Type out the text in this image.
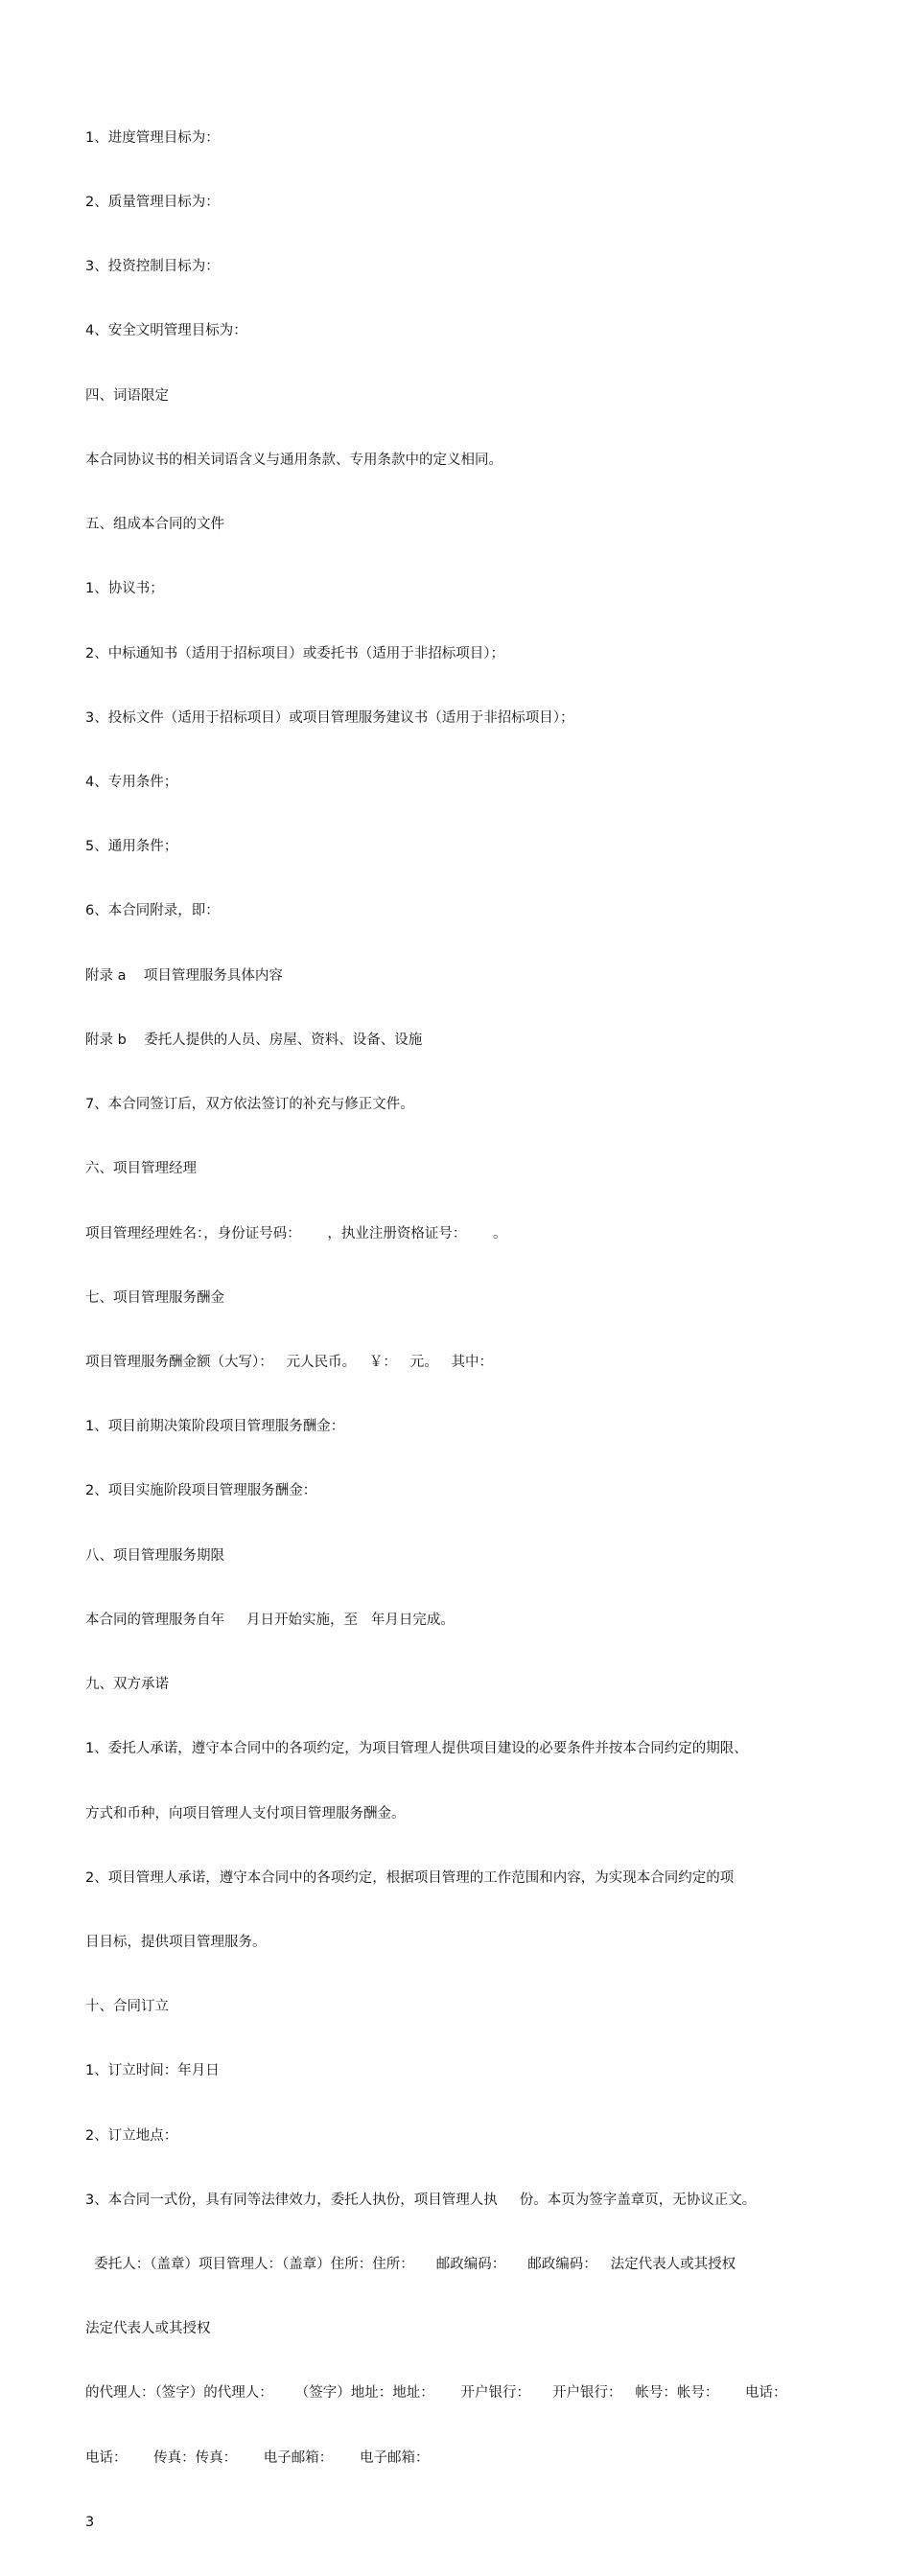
1、进度管理目标为：

2、质量管理目标为：

3、投资控制目标为：

4、安全文明管理目标为：

四、词语限定

本合同协议书的相关词语含义与通用条款、专用条款中的定义相同。

五、组成本合同的文件

1、协议书；

2、中标通知书（适用于招标项目）或委托书（适用于非招标项目）；

3、投标文件（适用于招标项目）或项目管理服务建议书（适用于非招标项目）；

4、专用条件；

5、通用条件；

6、本合同附录，即：

附录 a    项目管理服务具体内容

附录 b    委托人提供的人员、房屋、资料、设备、设施

7、本合同签订后，双方依法签订的补充与修正文件。

六、项目管理经理

项目管理经理姓名：，身份证号码：      ，执业注册资格证号：      。

七、项目管理服务酬金

项目管理服务酬金额（大写）：   元人民币。   ￥：   元。   其中：

1、项目前期决策阶段项目管理服务酬金：

2、项目实施阶段项目管理服务酬金：

八、项目管理服务期限

本合同的管理服务自年     月日开始实施，至   年月日完成。

九、双方承诺

1、委托人承诺，遵守本合同中的各项约定，为项目管理人提供项目建设的必要条件并按本合同约定的期限、

方式和币种，向项目管理人支付项目管理服务酬金。

2、项目管理人承诺，遵守本合同中的各项约定，根据项目管理的工作范围和内容，为实现本合同约定的项

目目标，提供项目管理服务。

十、合同订立

1、订立时间：年月日

2、订立地点：

3、本合同一式份，具有同等法律效力，委托人执份，项目管理人执     份。本页为签字盖章页，无协议正文。

委托人：（盖章）项目管理人：（盖章）住所：住所：     邮政编码：     邮政编码：   法定代表人或其授权

法定代表人或其授权

的代理人：（签字）的代理人：     （签字）地址：地址：      开户银行：     开户银行：   帐号：帐号：      电话：

电话：      传真：传真：      电子邮箱：      电子邮箱：

3
